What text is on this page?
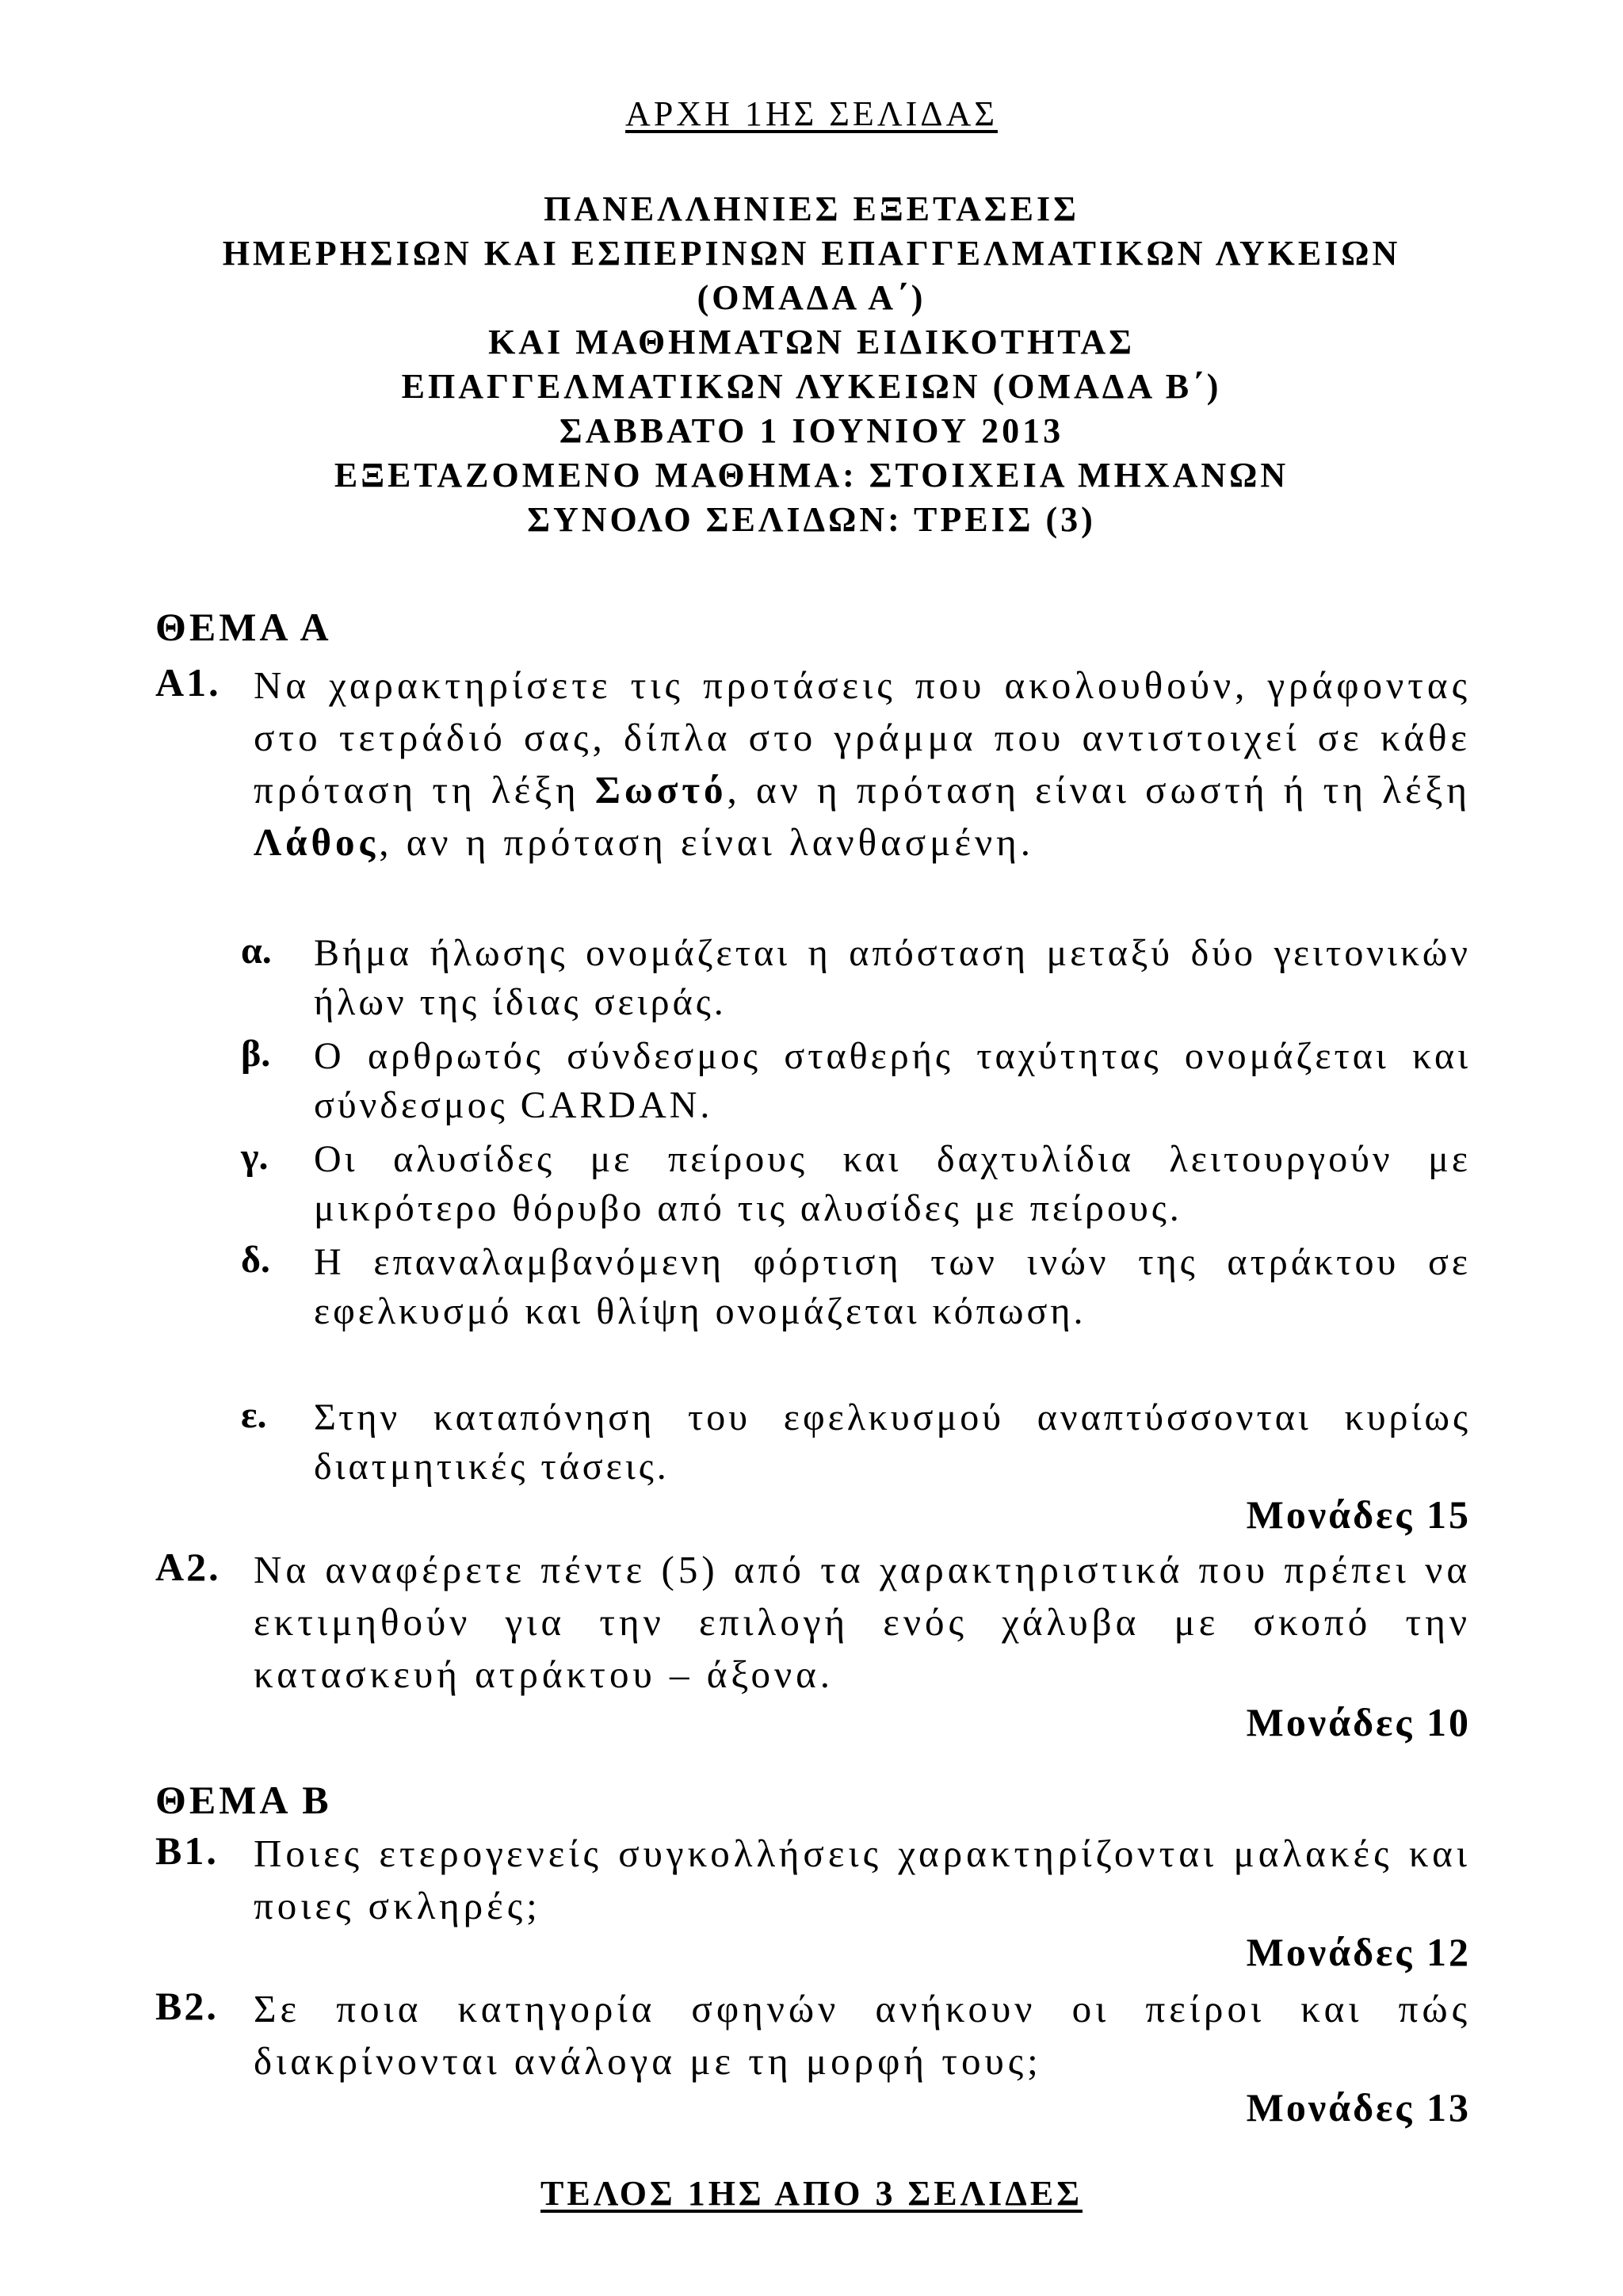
ΑΡΧΗ 1ΗΣ ΣΕΛΙΔΑΣ
ΠΑΝΕΛΛΗΝΙΕΣ ΕΞΕΤΑΣΕΙΣ
ΗΜΕΡΗΣΙΩΝ ΚΑΙ ΕΣΠΕΡΙΝΩΝ ΕΠΑΓΓΕΛΜΑΤΙΚΩΝ ΛΥΚΕΙΩΝ
(ΟΜΑΔΑ Α΄)
ΚΑΙ ΜΑΘΗΜΑΤΩΝ ΕΙΔΙΚΟΤΗΤΑΣ
ΕΠΑΓΓΕΛΜΑΤΙΚΩΝ ΛΥΚΕΙΩΝ (ΟΜΑΔΑ Β΄)
ΣΑΒΒΑΤΟ 1 ΙΟΥΝΙΟΥ 2013
ΕΞΕΤΑΖΟΜΕΝΟ ΜΑΘΗΜΑ: ΣΤΟΙΧΕΙΑ ΜΗΧΑΝΩΝ
ΣΥΝΟΛΟ ΣΕΛΙΔΩΝ: ΤΡΕΙΣ (3)
ΘΕΜΑ Α
Α1. Να χαρακτηρίσετε τις προτάσεις που ακολουθούν, γράφοντας στο τετράδιό σας, δίπλα στο γράμμα που αντιστοιχεί σε κάθε πρόταση τη λέξη Σωστό, αν η πρόταση είναι σωστή ή τη λέξη Λάθος, αν η πρόταση είναι λανθασμένη.
α. Βήμα ήλωσης ονομάζεται η απόσταση μεταξύ δύο γειτονικών ήλων της ίδιας σειράς.
β. Ο αρθρωτός σύνδεσμος σταθερής ταχύτητας ονομάζεται και σύνδεσμος CARDAN.
γ. Οι αλυσίδες με πείρους και δαχτυλίδια λειτουργούν με μικρότερο θόρυβο από τις αλυσίδες με πείρους.
δ. Η επαναλαμβανόμενη φόρτιση των ινών της ατράκτου σε εφελκυσμό και θλίψη ονομάζεται κόπωση.
ε. Στην καταπόνηση του εφελκυσμού αναπτύσσονται κυρίως διατμητικές τάσεις.
Μονάδες 15
Α2. Να αναφέρετε πέντε (5) από τα χαρακτηριστικά που πρέπει να εκτιμηθούν για την επιλογή ενός χάλυβα με σκοπό την κατασκευή ατράκτου – άξονα.
Μονάδες 10
ΘΕΜΑ Β
Β1. Ποιες ετερογενείς συγκολλήσεις χαρακτηρίζονται μαλακές και ποιες σκληρές;
Μονάδες 12
Β2. Σε ποια κατηγορία σφηνών ανήκουν οι πείροι και πώς διακρίνονται ανάλογα με τη μορφή τους;
Μονάδες 13
ΤΕΛΟΣ 1ΗΣ ΑΠΟ 3 ΣΕΛΙΔΕΣ
